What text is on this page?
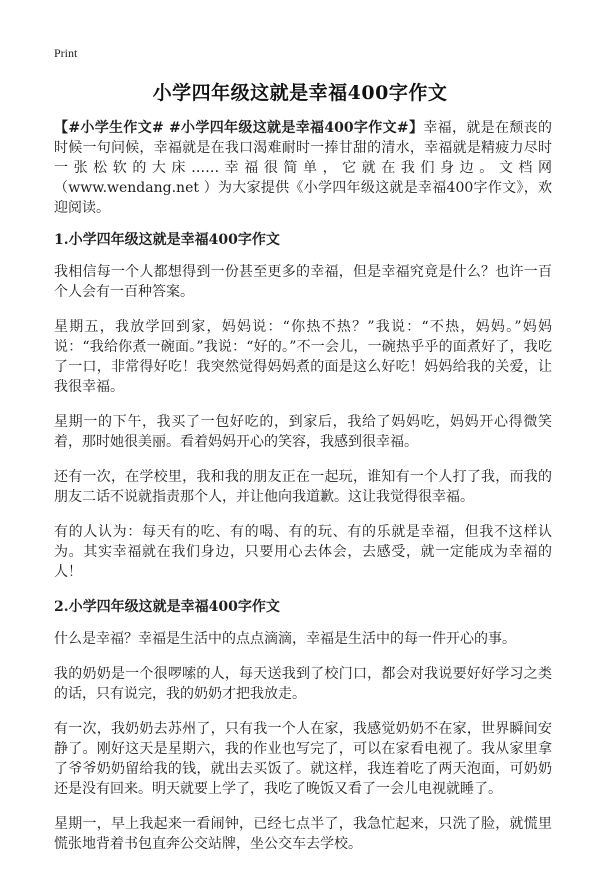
Print
小学四年级这就是幸福400字作文

【#小学生作文# #小学四年级这就是幸福400字作文#】幸福，就是在颓丧的时候一句问候，幸福就是在我口渴难耐时一捧甘甜的清水，幸福就是精疲力尽时一张松软的大床……幸福很简单，它就在我们身边。文档网（www.wendang.net ）为大家提供《小学四年级这就是幸福400字作文》，欢迎阅读。

1.小学四年级这就是幸福400字作文

我相信每一个人都想得到一份甚至更多的幸福，但是幸福究竟是什么？也许一百个人会有一百种答案。

星期五，我放学回到家，妈妈说：“你热不热？”我说：“不热，妈妈。”妈妈说：“我给你煮一碗面。”我说：“好的。”不一会儿，一碗热乎乎的面煮好了，我吃了一口，非常得好吃！我突然觉得妈妈煮的面是这么好吃！妈妈给我的关爱，让我很幸福。

星期一的下午，我买了一包好吃的，到家后，我给了妈妈吃，妈妈开心得微笑着，那时她很美丽。看着妈妈开心的笑容，我感到很幸福。

还有一次，在学校里，我和我的朋友正在一起玩，谁知有一个人打了我，而我的朋友二话不说就指责那个人，并让他向我道歉。这让我觉得很幸福。

有的人认为：每天有的吃、有的喝、有的玩、有的乐就是幸福，但我不这样认为。其实幸福就在我们身边，只要用心去体会，去感受，就一定能成为幸福的人！

2.小学四年级这就是幸福400字作文

什么是幸福？幸福是生活中的点点滴滴，幸福是生活中的每一件开心的事。

我的奶奶是一个很啰嗦的人，每天送我到了校门口，都会对我说要好好学习之类的话，只有说完，我的奶奶才把我放走。

有一次，我奶奶去苏州了，只有我一个人在家，我感觉奶奶不在家，世界瞬间安静了。刚好这天是星期六，我的作业也写完了，可以在家看电视了。我从家里拿了爷爷奶奶留给我的钱，就出去买饭了。就这样，我连着吃了两天泡面，可奶奶还是没有回来。明天就要上学了，我吃了晚饭又看了一会儿电视就睡了。

星期一，早上我起来一看闹钟，已经七点半了，我急忙起来，只洗了脸，就慌里慌张地背着书包直奔公交站牌，坐公交车去学校。
